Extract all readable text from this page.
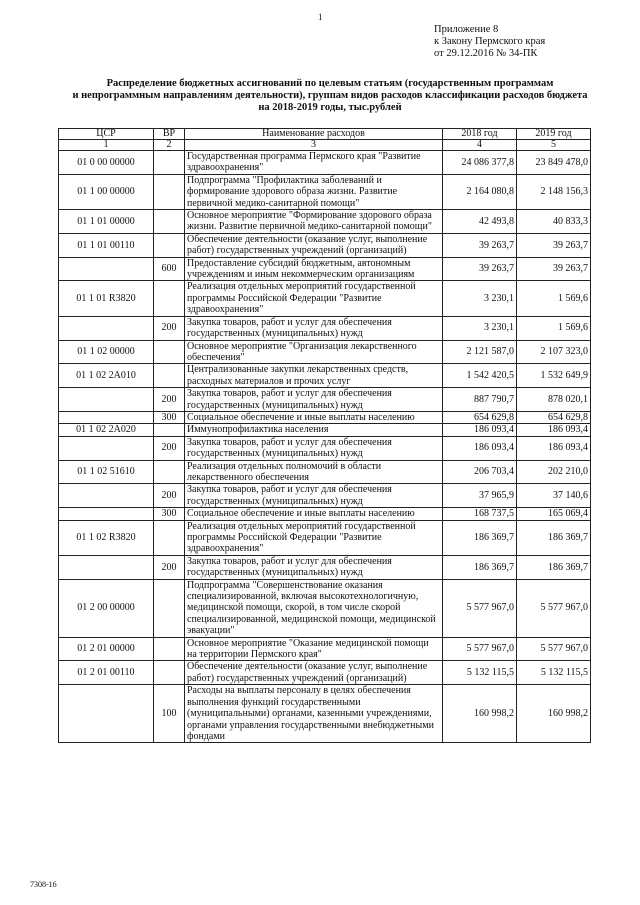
1
Приложение 8
к Закону Пермского края
от 29.12.2016 № 34-ПК
Распределение бюджетных ассигнований по целевым статьям (государственным программам
и непрограммным направлениям деятельности), группам видов расходов классификации расходов бюджета
на 2018-2019 годы, тыс.рублей
ЦСР	ВР	Наименование расходов	2018 год	2019 год
1	2	3	4	5
01 0 00 00000		Государственная программа Пермского края "Развитие здравоохранения"	24 086 377,8	23 849 478,0
01 1 00 00000		Подпрограмма "Профилактика заболеваний и формирование здорового образа жизни. Развитие первичной медико-санитарной помощи"	2 164 080,8	2 148 156,3
01 1 01 00000		Основное мероприятие "Формирование здорового образа жизни. Развитие первичной медико-санитарной помощи"	42 493,8	40 833,3
01 1 01 00110		Обеспечение деятельности (оказание услуг, выполнение работ) государственных учреждений (организаций)	39 263,7	39 263,7
	600	Предоставление субсидий бюджетным, автономным учреждениям и иным некоммерческим организациям	39 263,7	39 263,7
01 1 01 R3820		Реализация отдельных мероприятий государственной программы Российской Федерации "Развитие здравоохранения"	3 230,1	1 569,6
	200	Закупка товаров, работ и услуг для обеспечения государственных (муниципальных) нужд	3 230,1	1 569,6
01 1 02 00000		Основное мероприятие "Организация лекарственного обеспечения"	2 121 587,0	2 107 323,0
01 1 02 2А010		Централизованные закупки лекарственных средств, расходных материалов и прочих услуг	1 542 420,5	1 532 649,9
	200	Закупка товаров, работ и услуг для обеспечения государственных (муниципальных) нужд	887 790,7	878 020,1
	300	Социальное обеспечение и иные выплаты населению	654 629,8	654 629,8
01 1 02 2А020		Иммунопрофилактика населения	186 093,4	186 093,4
	200	Закупка товаров, работ и услуг для обеспечения государственных (муниципальных) нужд	186 093,4	186 093,4
01 1 02 51610		Реализация отдельных полномочий в области лекарственного обеспечения	206 703,4	202 210,0
	200	Закупка товаров, работ и услуг для обеспечения государственных (муниципальных) нужд	37 965,9	37 140,6
	300	Социальное обеспечение и иные выплаты населению	168 737,5	165 069,4
01 1 02 R3820		Реализация отдельных мероприятий государственной программы Российской Федерации "Развитие здравоохранения"	186 369,7	186 369,7
	200	Закупка товаров, работ и услуг для обеспечения государственных (муниципальных) нужд	186 369,7	186 369,7
01 2 00 00000		Подпрограмма "Совершенствование оказания специализированной, включая высокотехнологичную, медицинской помощи, скорой, в том числе скорой специализированной, медицинской помощи, медицинской эвакуации"	5 577 967,0	5 577 967,0
01 2 01 00000		Основное мероприятие "Оказание медицинской помощи на территории Пермского края"	5 577 967,0	5 577 967,0
01 2 01 00110		Обеспечение деятельности (оказание услуг, выполнение работ) государственных учреждений (организаций)	5 132 115,5	5 132 115,5
	100	Расходы на выплаты персоналу в целях обеспечения выполнения функций государственными (муниципальными) органами, казенными учреждениями, органами управления государственными внебюджетными фондами	160 998,2	160 998,2
7308-16
